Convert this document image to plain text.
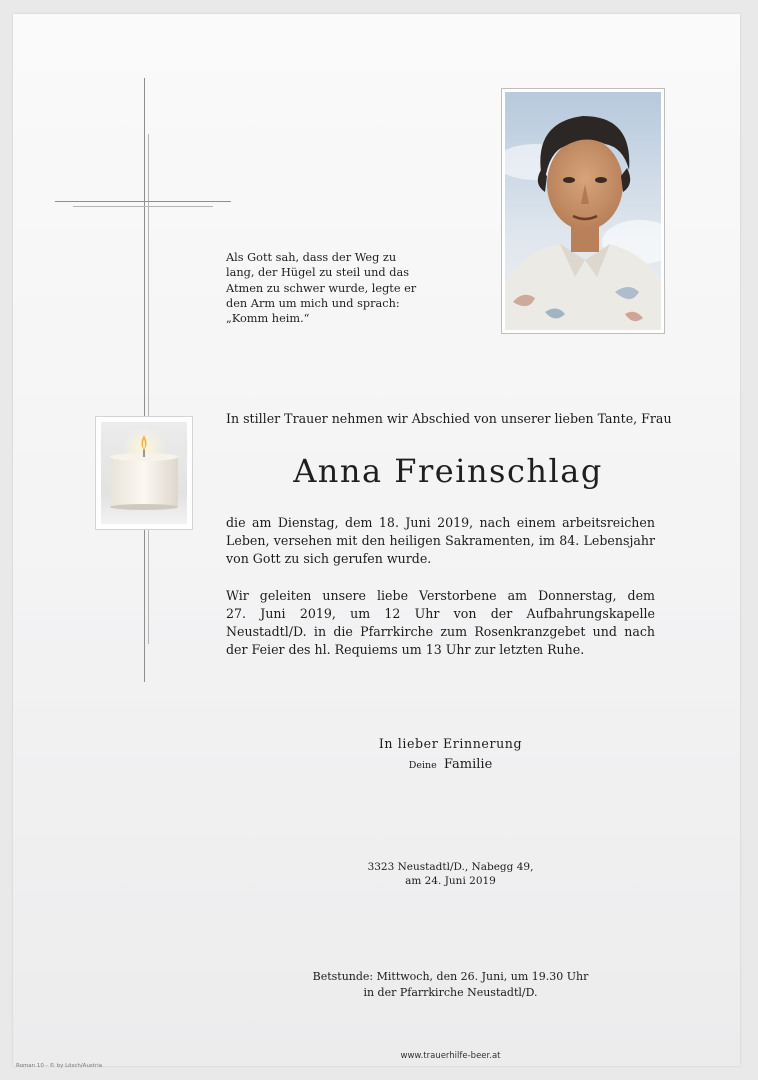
Als Gott sah, dass der Weg zu
lang, der Hügel zu steil und das
Atmen zu schwer wurde, legte er
den Arm um mich und sprach:
„Komm heim.“
In stiller Trauer nehmen wir Abschied von unserer lieben Tante, Frau
Anna Freinschlag
die am Dienstag, dem 18. Juni 2019, nach einem arbeitsreichen
Leben, versehen mit den heiligen Sakramenten, im 84. Lebensjahr
von Gott zu sich gerufen wurde.
Wir geleiten unsere liebe Verstorbene am Donnerstag, dem
27. Juni 2019, um 12 Uhr von der Aufbahrungskapelle
Neustadtl/D. in die Pfarrkirche zum Rosenkranzgebet und nach
der Feier des hl. Requiems um 13 Uhr zur letzten Ruhe.
In lieber Erinnerung
Deine Familie
3323 Neustadtl/D., Nabegg 49,
am 24. Juni 2019
Betstunde: Mittwoch, den 26. Juni, um 19.30 Uhr
in der Pfarrkirche Neustadtl/D.
www.trauerhilfe-beer.at
Roman 10 - © by Lösch/Austria
